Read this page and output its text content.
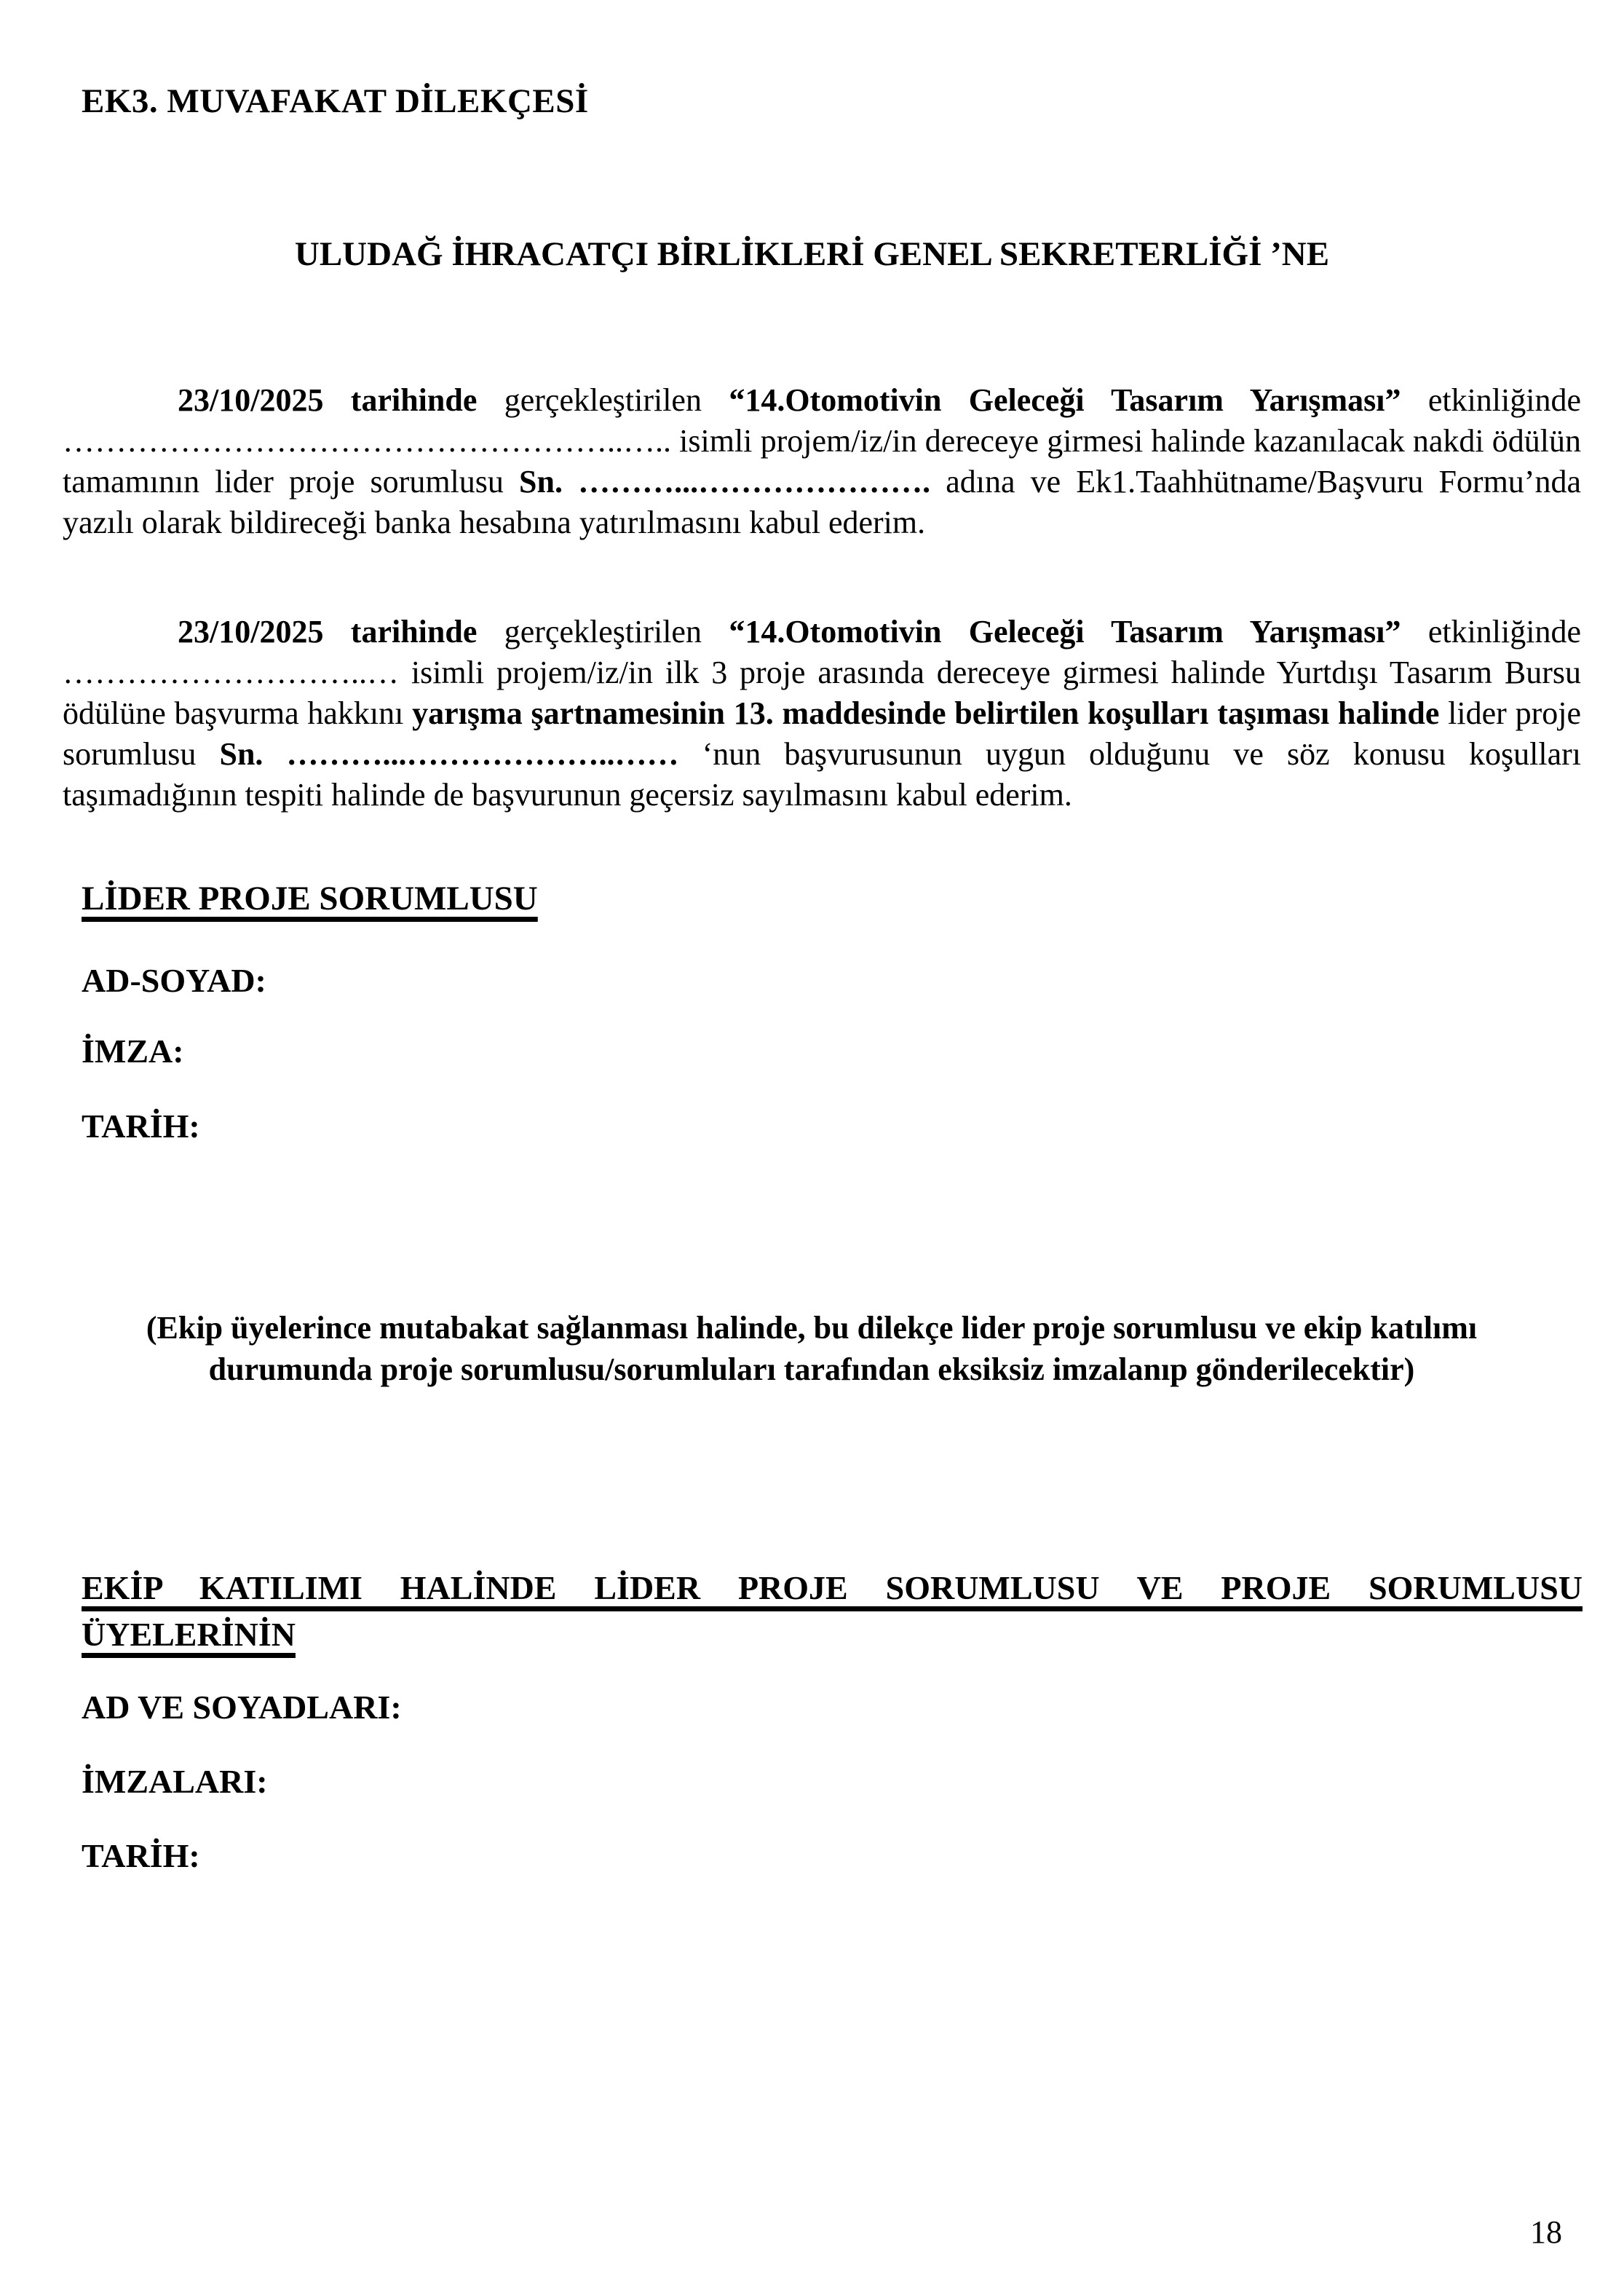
EK3. MUVAFAKAT DİLEKÇESİ
ULUDAĞ İHRACATÇI BİRLİKLERİ GENEL SEKRETERLİĞİ ’NE

23/10/2025 tarihinde gerçekleştirilen “14.Otomotivin Geleceği Tasarım Yarışması” etkinliğinde ……………………………………………..….. isimli projem/iz/in dereceye girmesi halinde kazanılacak nakdi ödülün tamamının lider proje sorumlusu Sn. ………...…………………. adına ve Ek1.Taahhütname/Başvuru Formu’nda yazılı olarak bildireceği banka hesabına yatırılmasını kabul ederim.

23/10/2025 tarihinde gerçekleştirilen “14.Otomotivin Geleceği Tasarım Yarışması” etkinliğinde ………………………..… isimli projem/iz/in ilk 3 proje arasında dereceye girmesi halinde Yurtdışı Tasarım Bursu ödülüne başvurma hakkını yarışma şartnamesinin 13. maddesinde belirtilen koşulları taşıması halinde lider proje sorumlusu Sn. ………...………………..…… ‘nun başvurusunun uygun olduğunu ve söz konusu koşulları taşımadığının tespiti halinde de başvurunun geçersiz sayılmasını kabul ederim.

LİDER PROJE SORUMLUSU
AD-SOYAD:
İMZA:
TARİH:
(Ekip üyelerince mutabakat sağlanması halinde, bu dilekçe lider proje sorumlusu ve ekip katılımı durumunda proje sorumlusu/sorumluları tarafından eksiksiz imzalanıp gönderilecektir)
EKİP KATILIMI HALİNDE LİDER PROJE SORUMLUSU VE PROJE SORUMLUSU
ÜYELERİNİN
AD VE SOYADLARI:
İMZALARI:
TARİH:
18
